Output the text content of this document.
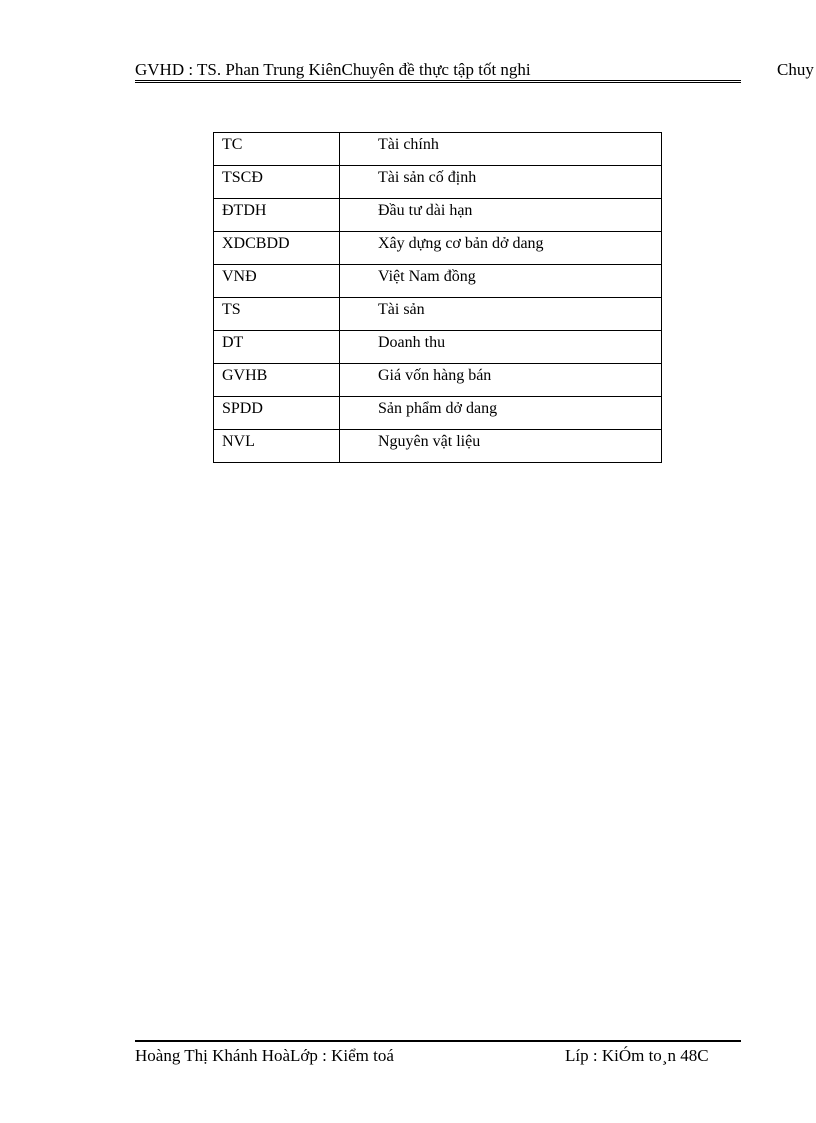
GVHD : TS. Phan Trung KiênChuyên đề thực tập tốt nghi	Chuy
TC	Tài chính
TSCĐ	Tài sản cố định
ĐTDH	Đầu tư dài hạn
XDCBDD	Xây dựng cơ bản dở dang
VNĐ	Việt Nam đồng
TS	Tài sản
DT	Doanh thu
GVHB	Giá vốn hàng bán
SPDD	Sản phẩm dở dang
NVL	Nguyên vật liệu
Hoàng Thị Khánh HoàLớp : Kiểm toá	Líp : KiÓm to¸n 48C
